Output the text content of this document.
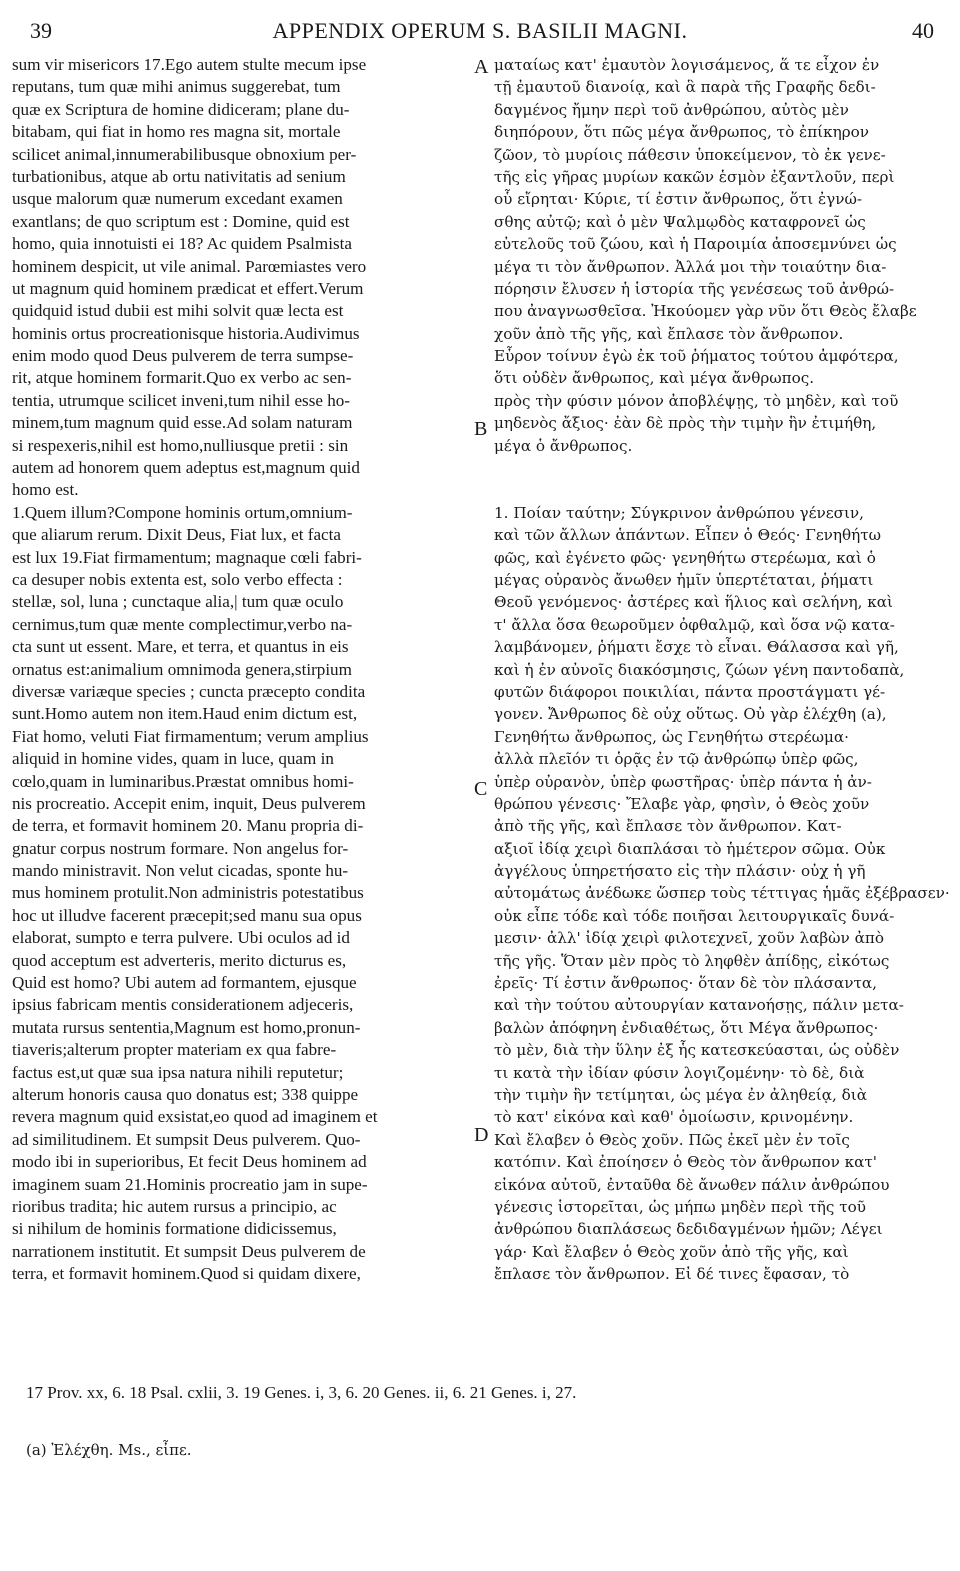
39	APPENDIX OPERUM S. BASILII MAGNI.	40
sum vir misericors 17.Ego autem stulte mecum ipse
reputans, tum quæ mihi animus suggerebat, tum
quæ ex Scriptura de homine didiceram; plane du-
bitabam, qui fiat in homo res magna sit, mortale
scilicet animal,innumerabilibusque obnoxium per-
turbationibus, atque ab ortu nativitatis ad senium
usque malorum quæ numerum excedant examen
exantlans; de quo scriptum est : Domine, quid est
homo, quia innotuisti ei 18? Ac quidem Psalmista
hominem despicit, ut vile animal. Parœmiastes vero
ut magnum quid hominem prædicat et effert.Verum
quidquid istud dubii est mihi solvit quæ lecta est
hominis ortus procreationisque historia.Audivimus
enim modo quod Deus pulverem de terra sumpse-
rit, atque hominem formarit.Quo ex verbo ac sen-
tentia, utrumque scilicet inveni,tum nihil esse ho-
minem,tum magnum quid esse.Ad solam naturam
si respexeris,nihil est homo,nulliusque pretii : sin
autem ad honorem quem adeptus est,magnum quid
homo est.
1.Quem illum?Compone hominis ortum,omnium-
que aliarum rerum. Dixit Deus, Fiat lux, et facta
est lux 19.Fiat firmamentum; magnaque cœli fabri-
ca desuper nobis extenta est, solo verbo effecta :
stellæ, sol, luna ; cunctaque alia,| tum quæ oculo
cernimus,tum quæ mente complectimur,verbo na-
cta sunt ut essent. Mare, et terra, et quantus in eis
ornatus est:animalium omnimoda genera,stirpium
diversæ variæque species ; cuncta præcepto condita
sunt.Homo autem non item.Haud enim dictum est,
Fiat homo, veluti Fiat firmamentum; verum amplius
aliquid in homine vides, quam in luce, quam in
cœlo,quam in luminaribus.Præstat omnibus homi-
nis procreatio. Accepit enim, inquit, Deus pulverem
de terra, et formavit hominem 20. Manu propria di-
gnatur corpus nostrum formare. Non angelus for-
mando ministravit. Non velut cicadas, sponte hu-
mus hominem protulit.Non administris potestatibus
hoc ut illudve facerent præcepit;sed manu sua opus
elaborat, sumpto e terra pulvere. Ubi oculos ad id
quod acceptum est adverteris, merito dicturus es,
Quid est homo? Ubi autem ad formantem, ejusque
ipsius fabricam mentis considerationem adjeceris,
mutata rursus sententia,Magnum est homo,pronun-
tiaveris;alterum propter materiam ex qua fabre-
factus est,ut quæ sua ipsa natura nihili reputetur;
alterum honoris causa quo donatus est; 338 quippe
revera magnum quid exsistat,eo quod ad imaginem et
ad similitudinem. Et sumpsit Deus pulverem. Quo-
modo ibi in superioribus, Et fecit Deus hominem ad
imaginem suam 21.Hominis procreatio jam in supe-
rioribus tradita; hic autem rursus a principio, ac
si nihilum de hominis formatione didicissemus,
narrationem institutit. Et sumpsit Deus pulverem de
terra, et formavit hominem.Quod si quidam dixere,
A
B
C
D
ματαίως κατ' ἐμαυτὸν λογισάμενος, ἅ τε εἶχον ἐν
τῇ ἐμαυτοῦ διανοίᾳ, καὶ ἃ παρὰ τῆς Γραφῆς δεδι-
δαγμένος ἤμην περὶ τοῦ ἀνθρώπου, αὐτὸς μὲν
διηπόρουν, ὅτι πῶς μέγα ἄνθρωπος, τὸ ἐπίκηρον
ζῶον, τὸ μυρίοις πάθεσιν ὑποκείμενον, τὸ ἐκ γενε-
τῆς εἰς γῆρας μυρίων κακῶν ἑσμὸν ἐξαντλοῦν, περὶ
οὗ εἴρηται· Κύριε, τί ἐστιν ἄνθρωπος, ὅτι ἐγνώ-
σθης αὐτῷ; καὶ ὁ μὲν Ψαλμῳδὸς καταφρονεῖ ὡς
εὐτελοῦς τοῦ ζώου, καὶ ἡ Παροιμία ἀποσεμνύνει ὡς
μέγα τι τὸν ἄνθρωπον. Ἀλλά μοι τὴν τοιαύτην δια-
πόρησιν ἔλυσεν ἡ ἱστορία τῆς γενέσεως τοῦ ἀνθρώ-
που ἀναγνωσθεῖσα. Ἠκούομεν γὰρ νῦν ὅτι Θεὸς ἔλαβε
χοῦν ἀπὸ τῆς γῆς, καὶ ἔπλασε τὸν ἄνθρωπον.
Εὗρον τοίνυν ἐγὼ ἐκ τοῦ ῥήματος τούτου ἀμφότερα,
ὅτι οὐδὲν ἄνθρωπος, καὶ μέγα ἄνθρωπος.
πρὸς τὴν φύσιν μόνον ἀποβλέψῃς, τὸ μηδὲν, καὶ τοῦ
μηδενὸς ἄξιος· ἐὰν δὲ πρὸς τὴν τιμὴν ἣν ἐτιμήθη,
μέγα ὁ ἄνθρωπος.
1. Ποίαν ταύτην; Σύγκρινον ἀνθρώπου γένεσιν,
καὶ τῶν ἄλλων ἁπάντων. Εἶπεν ὁ Θεός· Γενηθήτω
φῶς, καὶ ἐγένετο φῶς· γενηθήτω στερέωμα, καὶ ὁ
μέγας οὐρανὸς ἄνωθεν ἡμῖν ὑπερτέταται, ῥήματι
Θεοῦ γενόμενος· ἀστέρες καὶ ἥλιος καὶ σελήνη, καὶ
τ' ἄλλα ὅσα θεωροῦμεν ὀφθαλμῷ, καὶ ὅσα νῷ κατα-
λαμβάνομεν, ῥήματι ἔσχε τὸ εἶναι. Θάλασσα καὶ γῆ,
καὶ ἡ ἐν αὐνοῖς διακόσμησις, ζώων γένη παντοδαπὰ,
φυτῶν διάφοροι ποικιλίαι, πάντα προστάγματι γέ-
γονεν. Ἄνθρωπος δὲ οὐχ οὕτως. Οὐ γὰρ ἐλέχθη (a),
Γενηθήτω ἄνθρωπος, ὡς Γενηθήτω στερέωμα·
ἀλλὰ πλεῖόν τι ὁρᾷς ἐν τῷ ἀνθρώπῳ ὑπὲρ φῶς,
ὑπὲρ οὐρανὸν, ὑπὲρ φωστῆρας· ὑπὲρ πάντα ἡ ἀν-
θρώπου γένεσις· Ἔλαβε γὰρ, φησὶν, ὁ Θεὸς χοῦν
ἀπὸ τῆς γῆς, καὶ ἔπλασε τὸν ἄνθρωπον. Κατ-
αξιοῖ ἰδίᾳ χειρὶ διαπλάσαι τὸ ἡμέτερον σῶμα. Οὐκ
ἀγγέλους ὑπηρετήσατο εἰς τὴν πλάσιν· οὐχ ἡ γῆ
αὐτομάτως ἀνέδωκε ὥσπερ τοὺς τέττιγας ἡμᾶς ἐξέβρασεν·
οὐκ εἶπε τόδε καὶ τόδε ποιῆσαι λειτουργικαῖς δυνά-
μεσιν· ἀλλ' ἰδίᾳ χειρὶ φιλοτεχνεῖ, χοῦν λαβὼν ἀπὸ
τῆς γῆς. Ὅταν μὲν πρὸς τὸ ληφθὲν ἀπίδῃς, εἰκότως
ἐρεῖς· Τί ἐστιν ἄνθρωπος· ὅταν δὲ τὸν πλάσαντα,
καὶ τὴν τούτου αὐτουργίαν κατανοήσῃς, πάλιν μετα-
βαλὼν ἀπόφηνη ἐνδιαθέτως, ὅτι Μέγα ἄνθρωπος·
τὸ μὲν, διὰ τὴν ὕλην ἐξ ἧς κατεσκεύασται, ὡς οὐδὲν
τι κατὰ τὴν ἰδίαν φύσιν λογιζομένην· τὸ δὲ, διὰ
τὴν τιμὴν ἣν τετίμηται, ὡς μέγα ἐν ἀληθείᾳ, διὰ
τὸ κατ' εἰκόνα καὶ καθ' ὁμοίωσιν, κρινομένην.
Καὶ ἔλαβεν ὁ Θεὸς χοῦν. Πῶς ἐκεῖ μὲν ἐν τοῖς
κατόπιν. Καὶ ἐποίησεν ὁ Θεὸς τὸν ἄνθρωπον κατ'
εἰκόνα αὐτοῦ, ἐνταῦθα δὲ ἄνωθεν πάλιν ἀνθρώπου
γένεσις ἱστορεῖται, ὡς μήπω μηδὲν περὶ τῆς τοῦ
ἀνθρώπου διαπλάσεως δεδιδαγμένων ἡμῶν; Λέγει
γάρ· Καὶ ἔλαβεν ὁ Θεὸς χοῦν ἀπὸ τῆς γῆς, καὶ
ἔπλασε τὸν ἄνθρωπον. Εἰ δέ τινες ἔφασαν, τὸ
17 Prov. xx, 6. 18 Psal. cxlii, 3. 19 Genes. i, 3, 6. 20 Genes. ii, 6. 21 Genes. i, 27.
(a) Ἐλέχθη. Ms., εἶπε.
